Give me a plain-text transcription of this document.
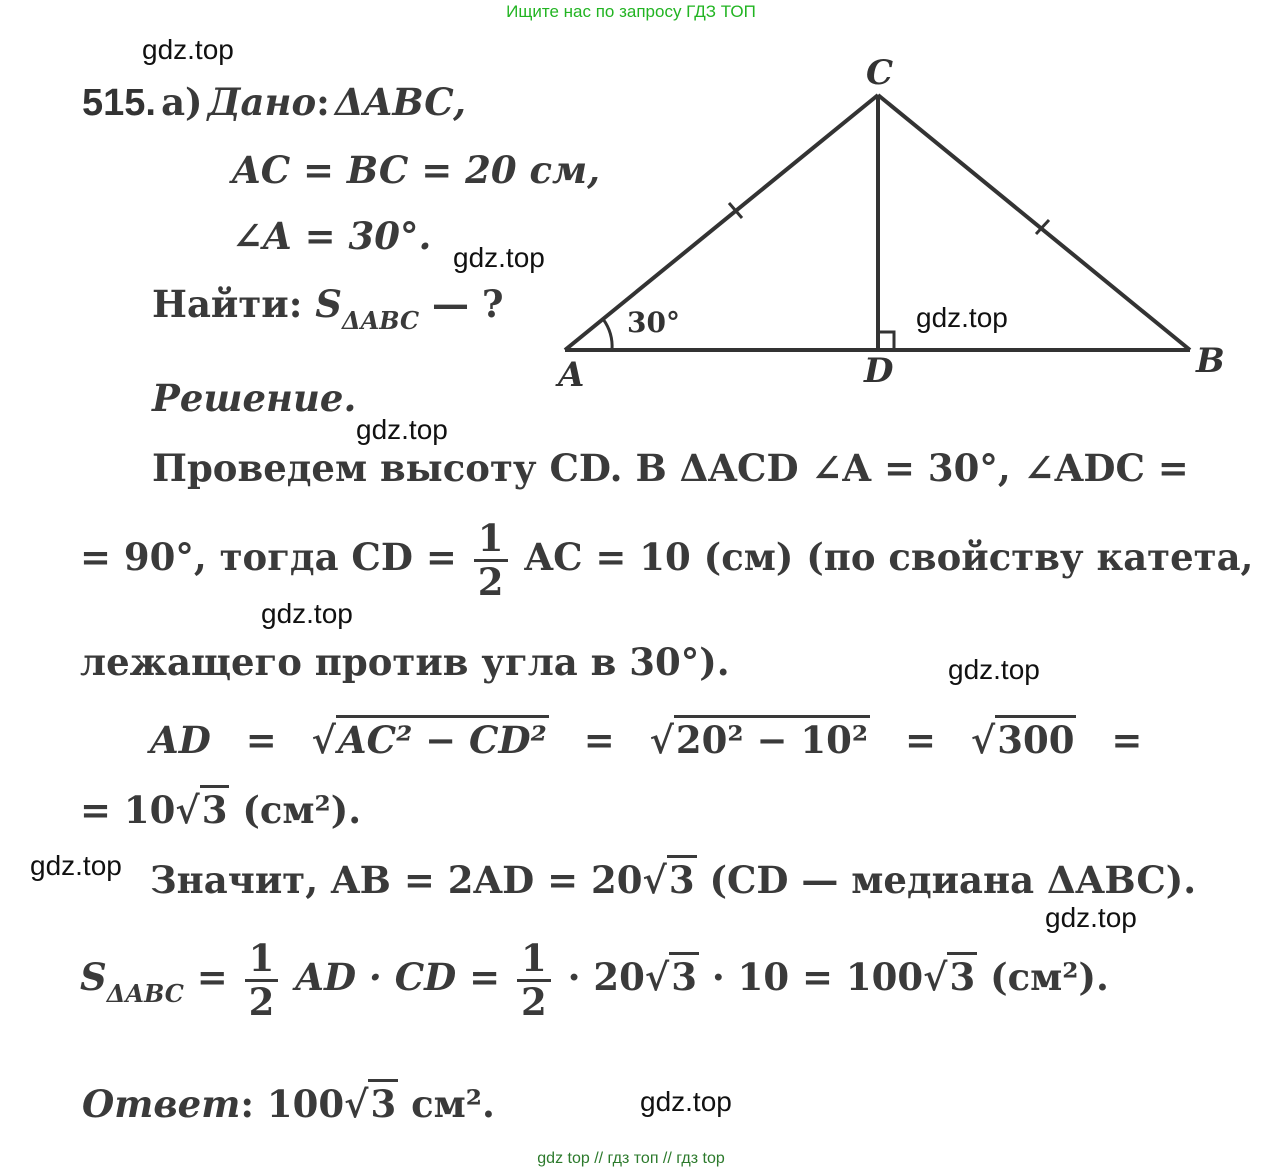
Ищите нас по запросу ГДЗ ТОП
gdz.top
gdz.top
gdz.top
gdz.top
gdz.top
gdz.top
gdz.top
gdz.top
gdz.top
515. а) Дано: ΔABC,
AC = BC = 20 см,
∠A = 30°.
Найти: $S_{\Delta ABC}$ — ?
A
C
D	B
30°
Решение.
Проведем высоту CD. В ΔACD ∠A = 30°, ∠ADC =
= 90°, тогда CD = $\frac{1}{2}$ AC = 10 (см) (по свойству катета,
лежащего против угла в 30°).
AD = √AC² − CD² = √20² − 10² = √300 =
= 10√3 (см²).
Значит, AB = 2AD = 20√3 (CD — медиана ΔABC).
$S_{\Delta ABC} = \frac{1}{2}$ AD · CD = $\frac{1}{2} \cdot 20√3 \cdot 10 = 100√3$ (см²).
Ответ: 100√3 см².
gdz top // гдз топ // гдз top
